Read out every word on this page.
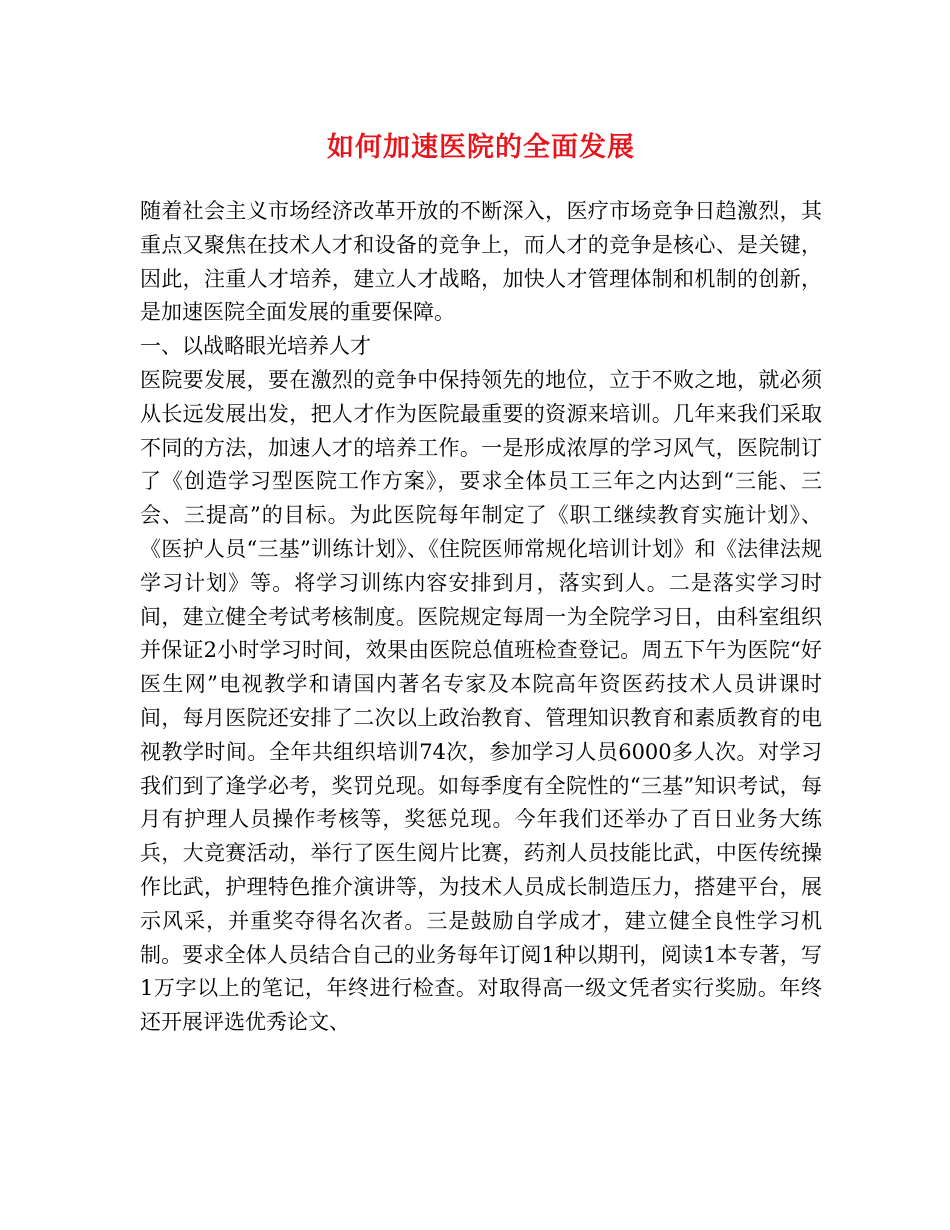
如何加速医院的全面发展

随着社会主义市场经济改革开放的不断深入，医疗市场竞争日趋激烈，其重点又聚焦在技术人才和设备的竞争上，而人才的竞争是核心、是关键，因此，注重人才培养，建立人才战略，加快人才管理体制和机制的创新，是加速医院全面发展的重要保障。

一、以战略眼光培养人才

医院要发展，要在激烈的竞争中保持领先的地位，立于不败之地，就必须从长远发展出发，把人才作为医院最重要的资源来培训。几年来我们采取不同的方法，加速人才的培养工作。一是形成浓厚的学习风气，医院制订了《创造学习型医院工作方案》，要求全体员工三年之内达到“三能、三会、三提高”的目标。为此医院每年制定了《职工继续教育实施计划》、《医护人员“三基”训练计划》、《住院医师常规化培训计划》和《法律法规学习计划》等。将学习训练内容安排到月，落实到人。二是落实学习时间，建立健全考试考核制度。医院规定每周一为全院学习日，由科室组织并保证2小时学习时间，效果由医院总值班检查登记。周五下午为医院“好医生网”电视教学和请国内著名专家及本院高年资医药技术人员讲课时间，每月医院还安排了二次以上政治教育、管理知识教育和素质教育的电视教学时间。全年共组织培训74次，参加学习人员6000多人次。对学习我们到了逢学必考，奖罚兑现。如每季度有全院性的“三基”知识考试，每月有护理人员操作考核等，奖惩兑现。今年我们还举办了百日业务大练兵，大竞赛活动，举行了医生阅片比赛，药剂人员技能比武，中医传统操作比武，护理特色推介演讲等，为技术人员成长制造压力，搭建平台，展示风采，并重奖夺得名次者。三是鼓励自学成才，建立健全良性学习机制。要求全体人员结合自己的业务每年订阅1种以期刊，阅读1本专著，写1万字以上的笔记，年终进行检查。对取得高一级文凭者实行奖励。年终还开展评选优秀论文、
